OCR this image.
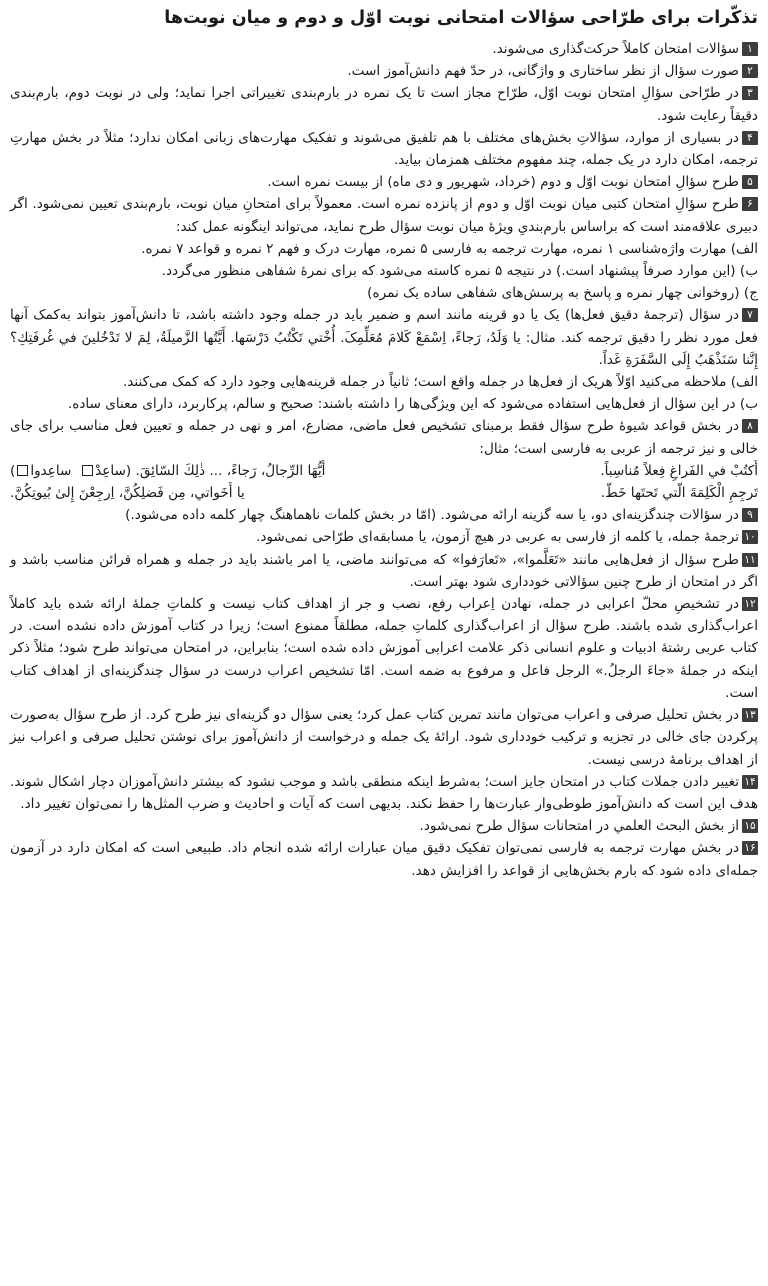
تذکّرات برای طرّاحی سؤالات امتحانی نوبت اوّل و دوم و میان نوبت‌ها

۱سؤالات امتحان کاملاً حرکت‌گذاری می‌شوند.

۲صورت سؤال از نظر ساختاری و واژگانی، در حدّ فهم دانش‌آموز است.

۳در طرّاحی سؤالِ امتحان نوبت اوّل، طرّاح مجاز است تا یک نمره در بارم‌بندی تغییراتی اجرا نماید؛ ولی در نوبت دوم، بارم‌بندی دقیقاً رعایت شود.

۴در بسیاری از موارد، سؤالاتِ بخش‌های مختلف با هم تلفیق می‌شوند و تفکیک مهارت‌های زبانی امکان ندارد؛ مثلاً در بخش مهارتِ ترجمه، امکان دارد در یک جمله، چند مفهوم مختلف همزمان بیاید.

۵طرح سؤالِ امتحان نوبت اوّل و دوم (خرداد، شهریور و دی ماه) از بیست نمره است.

۶طرح سؤالِ امتحان کتبی میان نوبت اوّل و دوم از پانزده نمره است. معمولاً برای امتحانِ میان نوبت، بارم‌بندی تعیین نمی‌شود. اگر دبیری علاقه‌مند است که براساس بارم‌بندیِ ویژۀ میان نوبت سؤال طرح نماید، می‌تواند اینگونه عمل کند:

الف) مهارت واژه‌شناسی ۱ نمره، مهارت ترجمه به فارسی ۵ نمره، مهارت درک و فهم ۲ نمره و قواعد ۷ نمره.

ب) (این موارد صرفاً پیشنهاد است.) در نتیجه ۵ نمره کاسته می‌شود که برای نمرۀ شفاهی منظور می‌گردد.

ج) (روخوانی چهار نمره و پاسخ به پرسش‌های شفاهی ساده یک نمره)

۷در سؤال (ترجمۀ دقیق فعل‌ها) یک یا دو قرینه مانند اسم و ضمیر باید در جمله وجود داشته باشد، تا دانش‌آموز بتواند به‌کمک آنها فعل مورد نظر را دقیق ترجمه کند. مثال: یا وَلَدُ، رَجاءً، اِسْمَعْ کَلامَ مُعَلِّمِکَ. أُخْتي تَکْتُبُ دَرْسَها. أَيَّتُها الزَّميلَةُ، لِمَ لا تَدْخُلينَ في غُرفَتِكِ؟ إِنَّنا سَنَذْهَبُ إِلَى السَّفَرَةِ غَداً.

الف) ملاحظه می‌کنید اوّلاً هریک از فعل‌ها در جمله واقع است؛ ثانیاً در جمله قرینه‌هایی وجود دارد که کمک می‌کنند.

ب) در این سؤال از فعل‌هایی استفاده می‌شود که این ویژگی‌ها را داشته باشند: صحیح و سالم، پرکاربرد، دارای معنای ساده.

۸در بخش قواعد شیوۀ طرح سؤال فقط برمبنای تشخیص فعل ماضی، مضارع، امر و نهی در جمله و تعیین فعل مناسب برای جای خالی و نیز ترجمه از عربی به فارسی است؛ مثال:

أُكتُبْ في الفَراغِ فِعلاً مُناسِباً.
أَيُّهَا الرِّجالُ، رَجاءً، ... ذٰلِكَ السّائِقَ. (ساعِدْ  ساعِدوا)
تَرجِمِ الْكَلِمَةَ الَّتي تَحتَها خَطٌّ.
يا أَخَواتي، مِن فَضلِكُنَّ، اِرجِعْنَ إِلىٰ بُيوتِكُنَّ.

۹در سؤالات چندگزینه‌ای دو، یا سه گزینه ارائه می‌شود. (امّا در بخش کلمات ناهماهنگ چهار کلمه داده می‌شود.)

۱۰ترجمۀ جمله، یا کلمه از فارسی به عربی در هیچ آزمون، یا مسابقه‌ای طرّاحی نمی‌شود.

۱۱طرح سؤال از فعل‌هایی مانند «تَعَلَّموا»، «تَعارَفوا» که می‌توانند ماضی، یا امر باشند باید در جمله و همراه قرائن مناسب باشد و اگر در امتحان از طرح چنین سؤالاتی خودداری شود بهتر است.

۱۲در تشخیصِ محلّ اعرابی در جمله، نهادن اِعراب رفع، نصب و جر از اهداف کتاب نیست و کلماتِ جملۀ ارائه شده باید کاملاً اعراب‌گذاری شده باشند. طرح سؤال از اعراب‌گذاری کلماتِ جمله، مطلقاً ممنوع است؛ زیرا در کتاب آموزش داده نشده است. در کتاب عربی رشتۀ ادبیات و علوم انسانی ذکر علامت اعرابی آموزش داده شده است؛ بنابراین، در امتحان می‌تواند طرح شود؛ مثلاً ذکر اینکه در جملۀ «جاءَ الرجلُ.» الرجل فاعل و مرفوع به ضمه است. امّا تشخیص اعراب درست در سؤال چندگزینه‌ای از اهداف کتاب است.

۱۳در بخش تحلیل صرفی و اعراب می‌توان مانند تمرین کتاب عمل کرد؛ یعنی سؤال دو گزینه‌ای نیز طرح کرد. از طرح سؤال به‌صورت پرکردن جای خالی در تجزیه و ترکیب خودداری شود. ارائۀ یک جمله و درخواست از دانش‌آموز برای نوشتن تحلیل صرفی و اعراب نیز از اهداف برنامۀ درسی نیست.

۱۴تغییر دادن جملات کتاب در امتحان جایز است؛ به‌شرط اینکه منطقی باشد و موجب نشود که بیشتر دانش‌آموزان دچار اشکال شوند. هدف این است که دانش‌آموز طوطی‌وار عبارت‌ها را حفظ نکند. بدیهی است که آیات و احادیث و ضرب المثل‌ها را نمی‌توان تغییر داد.

۱۵از بخش البحث العلمي در امتحانات سؤال طرح نمی‌شود.

۱۶در بخش مهارت ترجمه به فارسی نمی‌توان تفکیک دقیق میان عبارات ارائه شده انجام داد. طبیعی است که امکان دارد در آزمون جمله‌ای داده شود که بارم بخش‌هایی از قواعد را افزایش دهد.
